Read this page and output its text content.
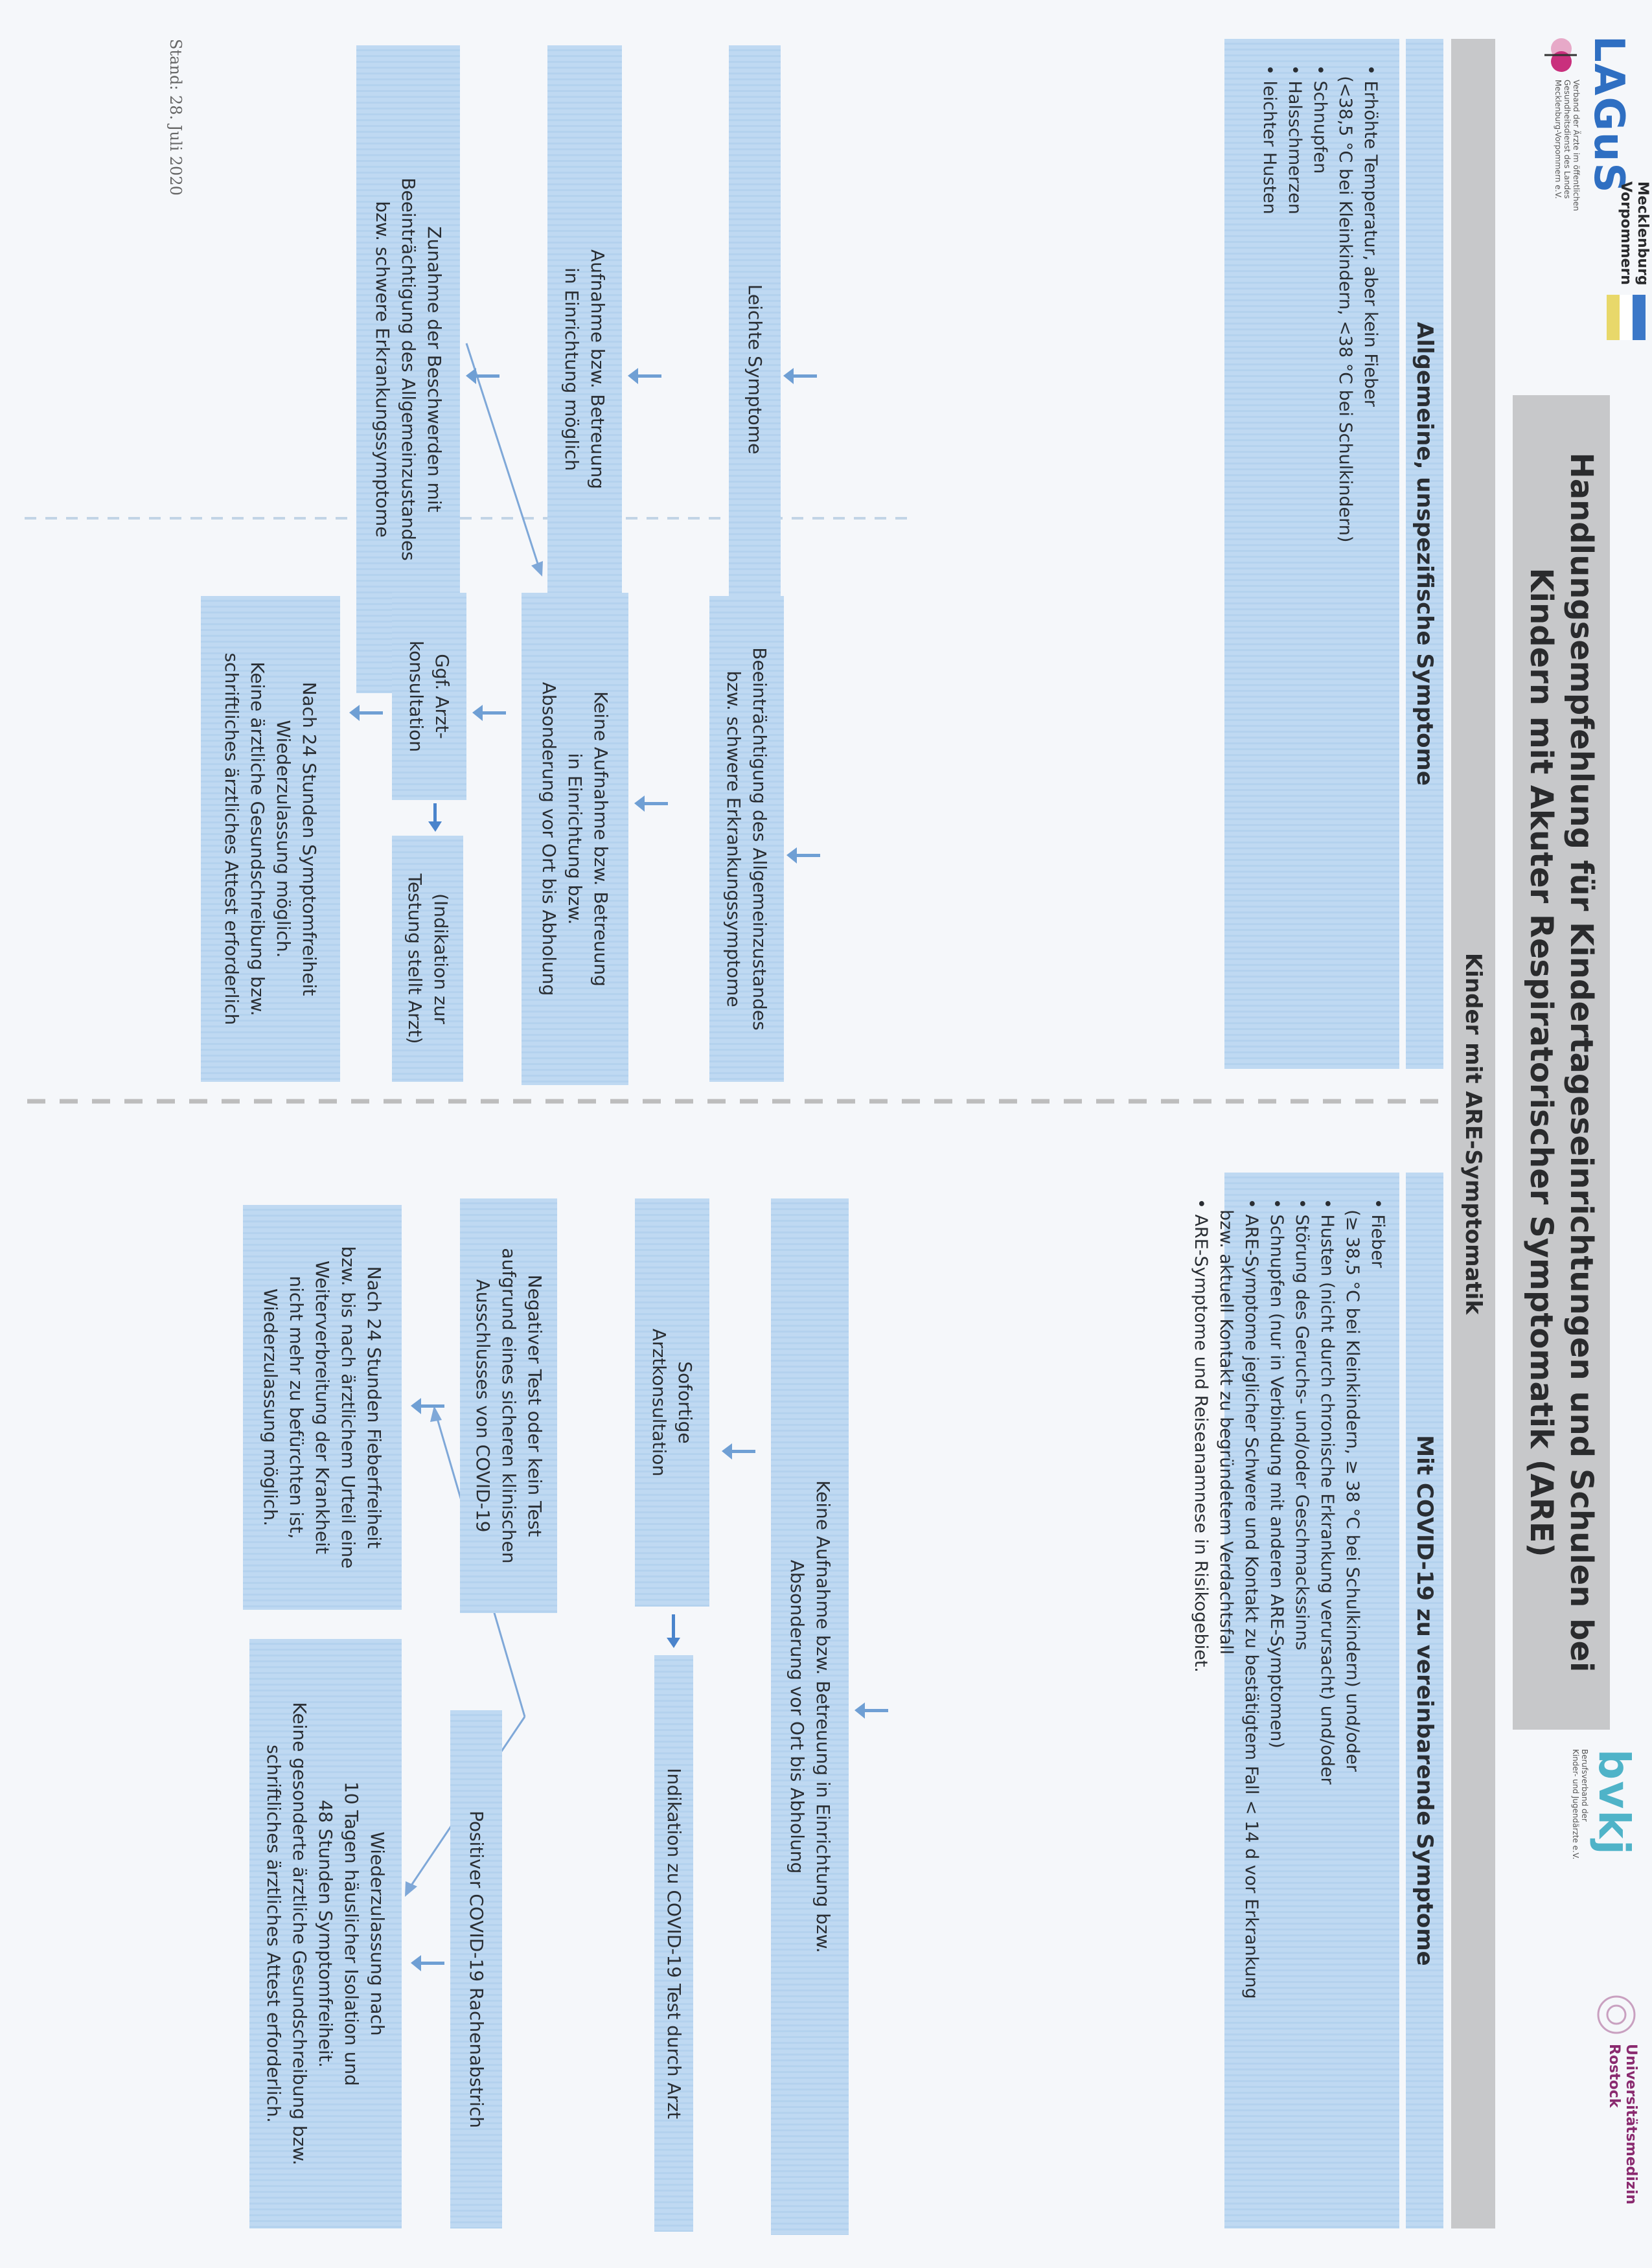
LAGuS
Verband der Ärzte im öffentlichen
Gesundheitsdienst des Landes
Mecklenburg-Vorpommern e.V.
Mecklenburg
Vorpommern
bvkj
Berufsverband der
Kinder- und Jugendärzte e.V.
Universitätsmedizin
Rostock
Handlungsempfehlung für Kindertageseinrichtungen und Schulen bei
Kindern mit Akuter Respiratorischer Symptomatik (ARE)
Kinder mit ARE-Symptomatik
Allgemeine, unspezifische Symptome
• Erhöhte Temperatur, aber kein Fieber
(<38,5 °C bei Kleinkindern, <38 °C bei Schulkindern)
• Schnupfen
• Halsschmerzen
• leichter Husten
Mit COVID-19 zu vereinbarende Symptome
• Fieber
(≥ 38,5 °C bei Kleinkindern, ≥ 38 °C bei Schulkindern) und/oder
• Husten (nicht durch chronische Erkrankung verursacht) und/oder
• Störung des Geruchs- und/oder Geschmackssinns
• Schnupfen (nur in Verbindung mit anderen ARE-Symptomen)
• ARE-Symptome jeglicher Schwere und Kontakt zu bestätigtem Fall < 14 d vor Erkrankung
bzw. aktuell Kontakt zu begründetem Verdachtsfall
• ARE-Symptome und Reiseanamnese in Risikogebiet.
Leichte Symptome
Aufnahme bzw. Betreuung
in Einrichtung möglich
Zunahme der Beschwerden mit
Beeinträchtigung des Allgemeinzustandes
bzw. schwere Erkrankungssymptome
Beeinträchtigung des Allgemeinzustandes
bzw. schwere Erkrankungssymptome
Keine Aufnahme bzw. Betreuung
in Einrichtung bzw.
Absonderung vor Ort bis Abholung
Ggf. Arzt-
konsultation
(Indikation zur
Testung stellt Arzt)
Nach 24 Stunden Symptomfreiheit
Wiederzulassung möglich.
Keine ärztliche Gesundschreibung bzw.
schriftliches ärztliches Attest erforderlich
Keine Aufnahme bzw. Betreuung in Einrichtung bzw.
Absonderung vor Ort bis Abholung
Sofortige
Arztkonsultation
Indikation zu COVID-19 Test durch Arzt
Negativer Test oder kein Test
aufgrund eines sicheren klinischen
Ausschlusses von COVID-19
Positiver COVID-19 Rachenabstrich
Nach 24 Stunden Fieberfreiheit
bzw. bis nach ärztlichem Urteil eine
Weiterverbreitung der Krankheit
nicht mehr zu befürchten ist,
Wiederzulassung möglich.
Wiederzulassung nach
10 Tagen häuslicher Isolation und
48 Stunden Symptomfreiheit.
Keine gesonderte ärztliche Gesundschreibung bzw.
schriftliches ärztliches Attest erforderlich.
Stand: 28. Juli 2020
